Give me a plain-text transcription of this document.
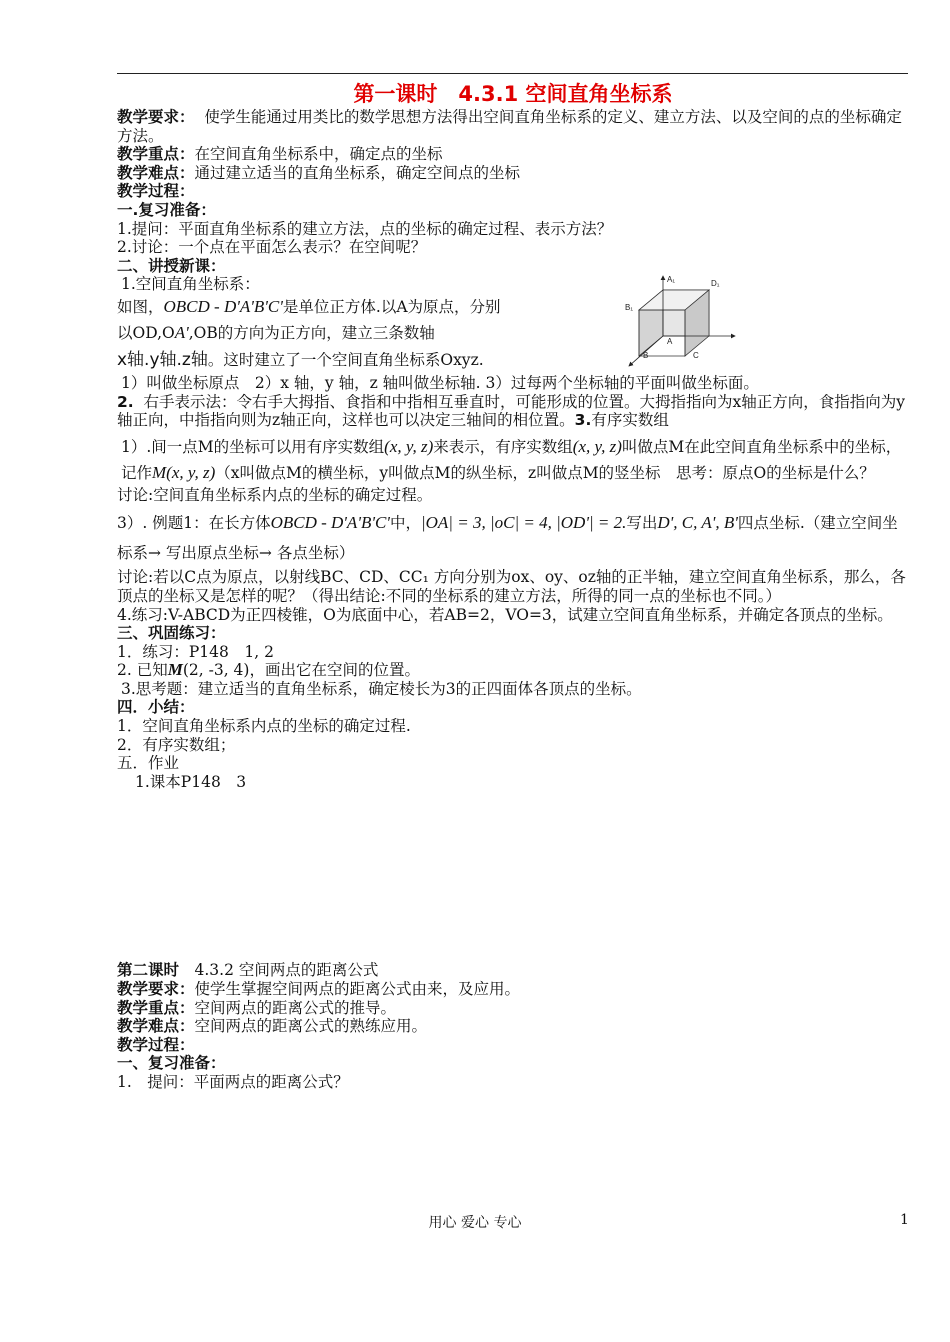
第一课时　4.3.1 空间直角坐标系

教学要求： 使学生能通过用类比的数学思想方法得出空间直角坐标系的定义、建立方法、以及空间的点的坐标确定方法。

教学重点：在空间直角坐标系中，确定点的坐标

教学难点：通过建立适当的直角坐标系，确定空间点的坐标

教学过程：

一.复习准备：

1.提问：平面直角坐标系的建立方法，点的坐标的确定过程、表示方法？

2.讨论：一个点在平面怎么表示？在空间呢？

二、讲授新课：

1.空间直角坐标系：

如图，OBCD - D'A'B'C'是单位正方体.以A为原点，分别

以OD,OA',OB的方向为正方向，建立三条数轴

x轴.y轴.z轴。这时建立了一个空间直角坐标系Oxyz.

1）叫做坐标原点　2）x 轴，y 轴，z 轴叫做坐标轴. 3）过每两个坐标轴的平面叫做坐标面。

2. 右手表示法：令右手大拇指、食指和中指相互垂直时，可能形成的位置。大拇指指向为x轴正方向，食指指向为y轴正向，中指指向则为z轴正向，这样也可以决定三轴间的相位置。3.有序实数组

1）.间一点M的坐标可以用有序实数组(x, y, z)来表示，有序实数组(x, y, z)叫做点M在此空间直角坐标系中的坐标，记作M(x, y, z)（x叫做点M的横坐标，y叫做点M的纵坐标，z叫做点M的竖坐标　思考：原点O的坐标是什么？

讨论:空间直角坐标系内点的坐标的确定过程。

3）. 例题1：在长方体OBCD - D'A'B'C'中，|OA| = 3, |oC| = 4, |OD'| = 2.写出D', C, A', B'四点坐标.（建立空间坐标系→ 写出原点坐标→ 各点坐标）

讨论:若以C点为原点，以射线BC、CD、CC₁ 方向分别为ox、oy、oz轴的正半轴，建立空间直角坐标系，那么，各顶点的坐标又是怎样的呢？（得出结论:不同的坐标系的建立方法，所得的同一点的坐标也不同。）

4.练习:V-ABCD为正四棱锥，O为底面中心，若AB=2，VO=3，试建立空间直角坐标系，并确定各顶点的坐标。

三、巩固练习：

1．练习：P148　1, 2

2. 已知M(2, -3, 4)，画出它在空间的位置。

3.思考题：建立适当的直角坐标系，确定棱长为3的正四面体各顶点的坐标。

四．小结：

1．空间直角坐标系内点的坐标的确定过程.

2．有序实数组；

五．作业

1.课本P148　3

第二课时　4.3.2 空间两点的距离公式

教学要求：使学生掌握空间两点的距离公式由来，及应用。

教学重点：空间两点的距离公式的推导。

教学难点：空间两点的距离公式的熟练应用。

教学过程：

一、复习准备：

1.　提问：平面两点的距离公式？

A₁	D₁
B₁
A
C
B
用心 爱心 专心	1
